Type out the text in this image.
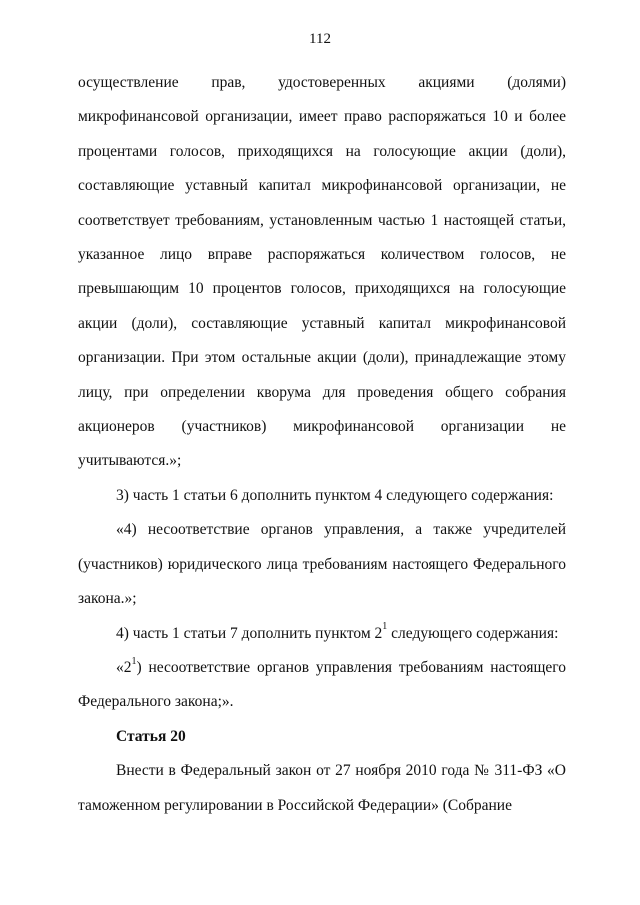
112

осуществление прав, удостоверенных акциями (долями) микрофинансовой организации, имеет право распоряжаться 10 и более процентами голосов, приходящихся на голосующие акции (доли), составляющие уставный капитал микрофинансовой организации, не соответствует требованиям, установленным частью 1 настоящей статьи, указанное лицо вправе распоряжаться количеством голосов, не превышающим 10 процентов голосов, приходящихся на голосующие акции (доли), составляющие уставный капитал микрофинансовой организации. При этом остальные акции (доли), принадлежащие этому лицу, при определении кворума для проведения общего собрания акционеров (участников) микрофинансовой организации не учитываются.»;

3) часть 1 статьи 6 дополнить пунктом 4 следующего содержания:

«4) несоответствие органов управления, а также учредителей (участников) юридического лица требованиям настоящего Федерального закона.»;

4) часть 1 статьи 7 дополнить пунктом $2^1$ следующего содержания:

«$2^1$) несоответствие органов управления требованиям настоящего Федерального закона;».

Статья 20

Внести в Федеральный закон от 27 ноября 2010 года № 311-ФЗ «О таможенном регулировании в Российской Федерации» (Собрание
